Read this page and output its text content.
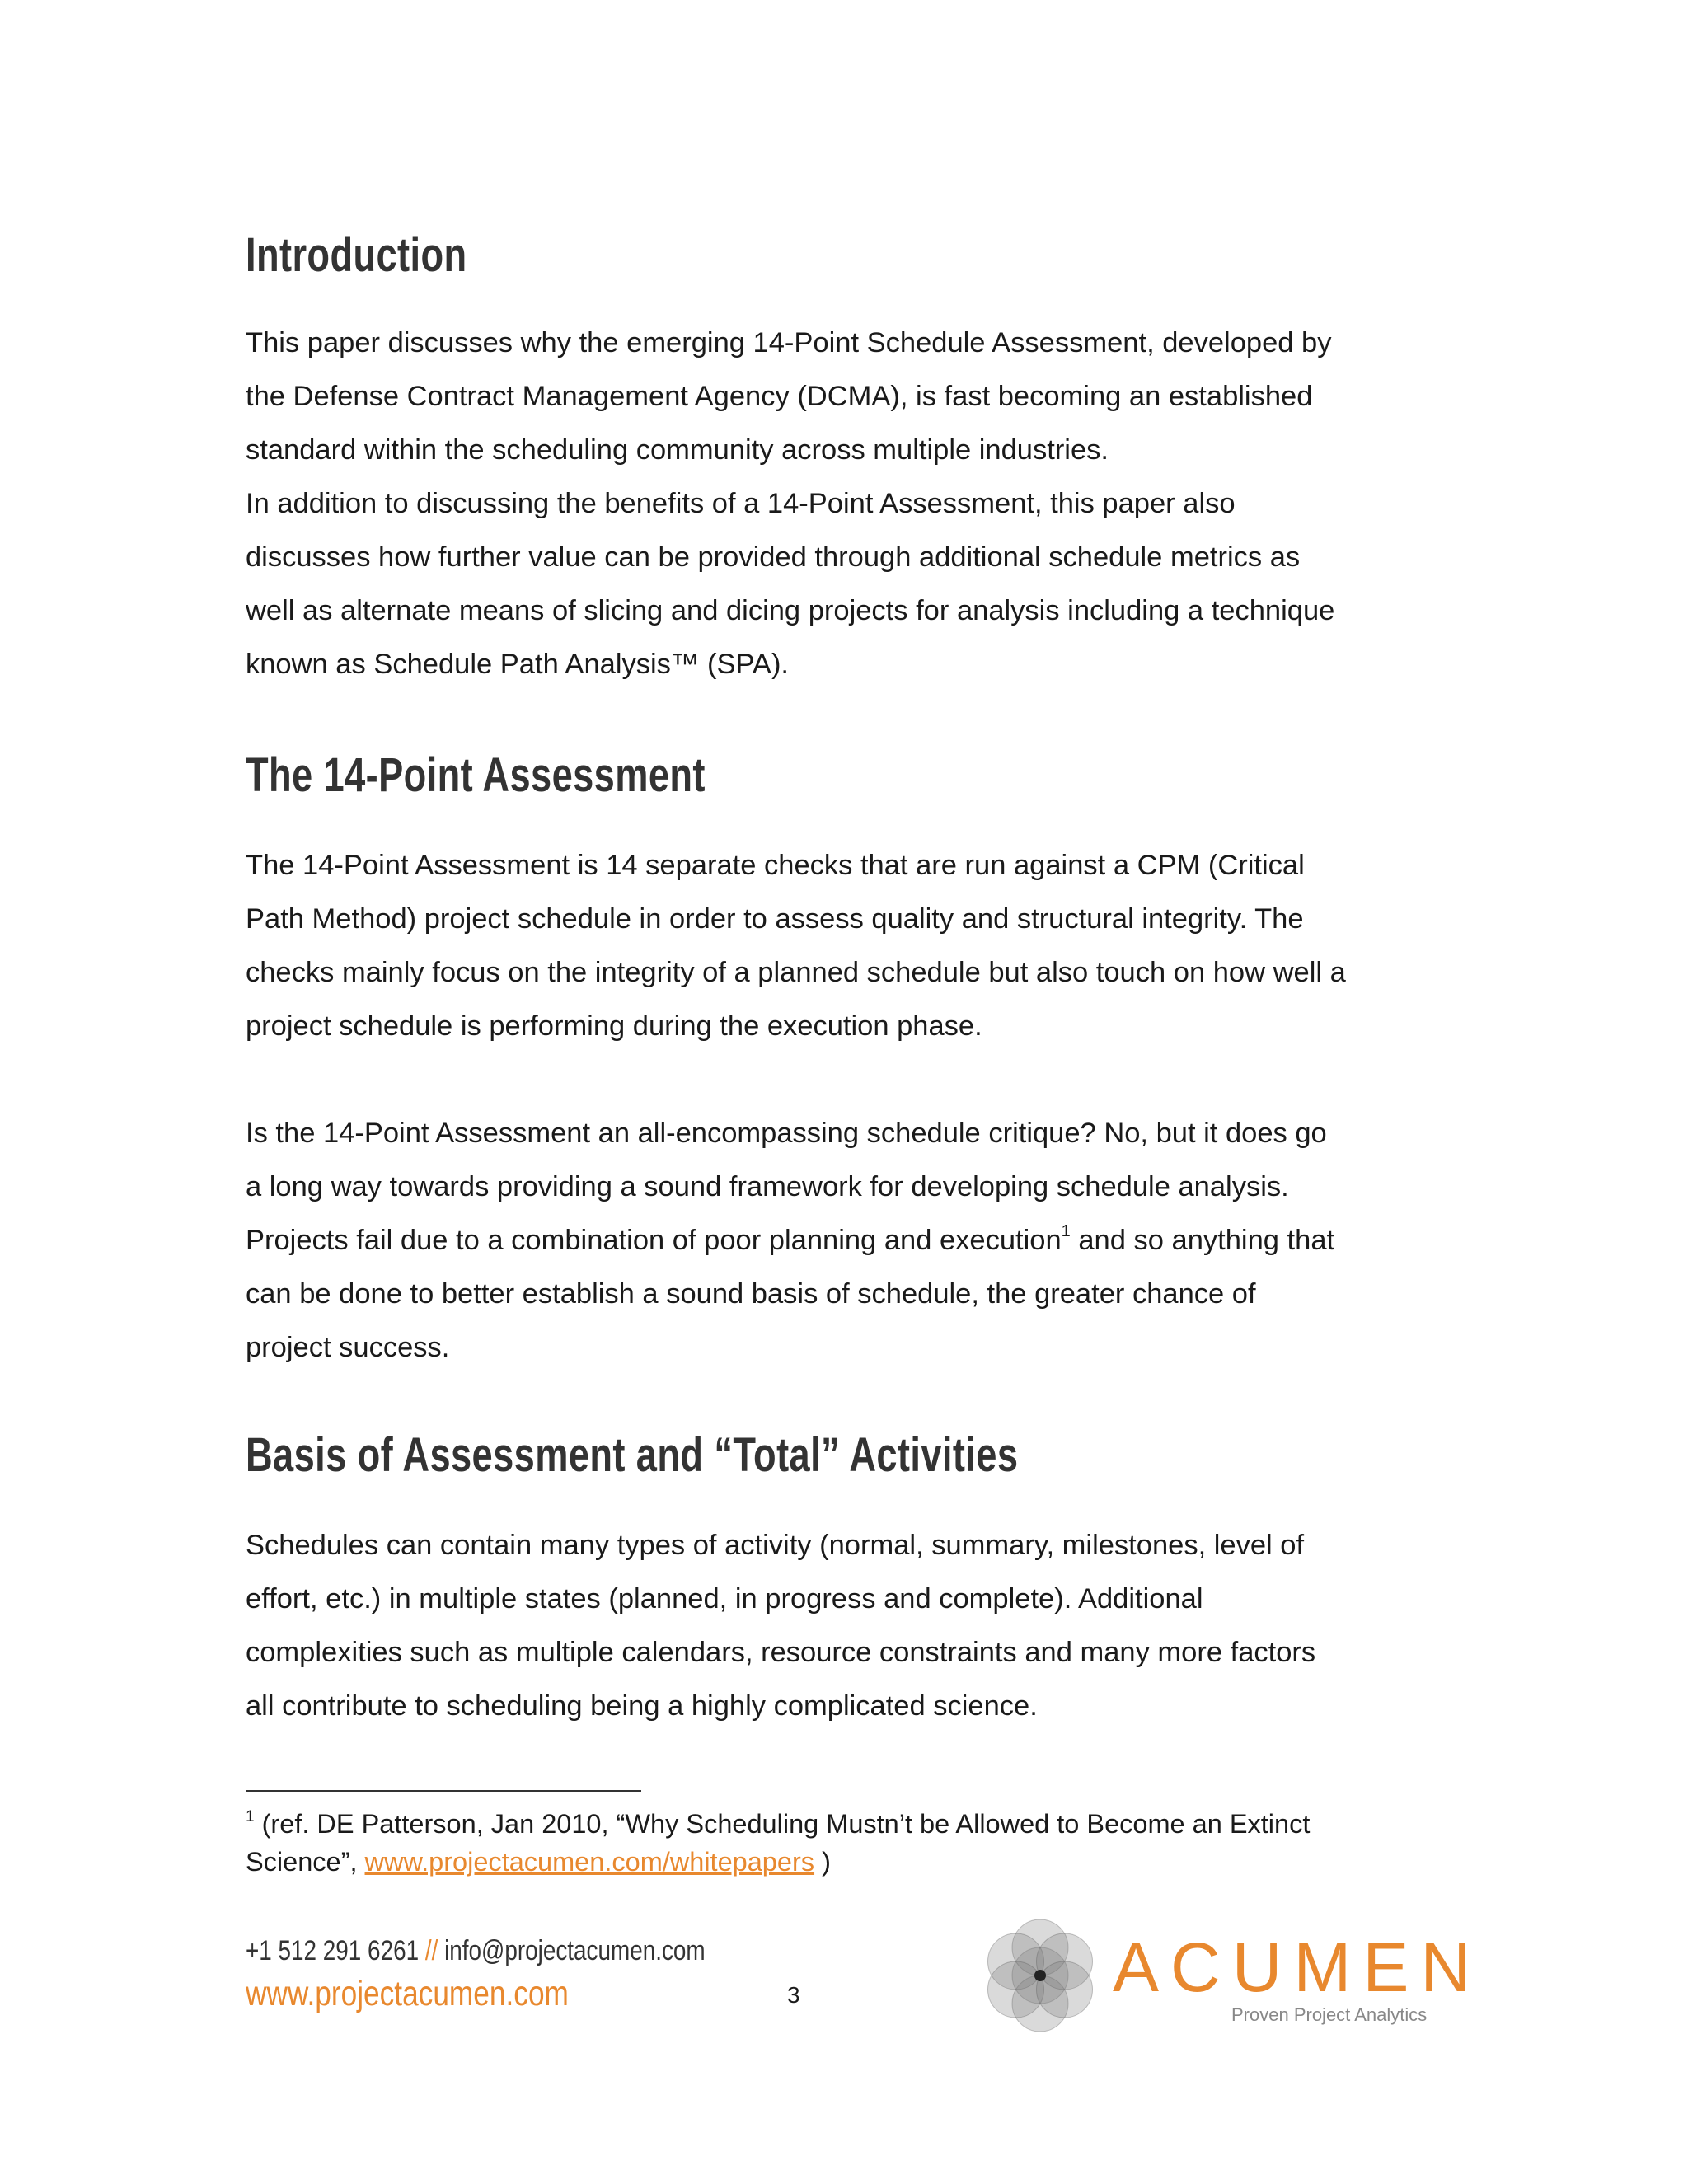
Introduction

This paper discusses why the emerging 14-Point Schedule Assessment, developed by
the Defense Contract Management Agency (DCMA), is fast becoming an established
standard within the scheduling community across multiple industries.
In addition to discussing the benefits of a 14-Point Assessment, this paper also
discusses how further value can be provided through additional schedule metrics as
well as alternate means of slicing and dicing projects for analysis including a technique
known as Schedule Path Analysis™ (SPA).

The 14-Point Assessment

The 14-Point Assessment is 14 separate checks that are run against a CPM (Critical
Path Method) project schedule in order to assess quality and structural integrity. The
checks mainly focus on the integrity of a planned schedule but also touch on how well a
project schedule is performing during the execution phase.

Is the 14-Point Assessment an all-encompassing schedule critique? No, but it does go
a long way towards providing a sound framework for developing schedule analysis.
Projects fail due to a combination of poor planning and execution$^1$ and so anything that
can be done to better establish a sound basis of schedule, the greater chance of
project success.

Basis of Assessment and “Total” Activities

Schedules can contain many types of activity (normal, summary, milestones, level of
effort, etc.) in multiple states (planned, in progress and complete). Additional
complexities such as multiple calendars, resource constraints and many more factors
all contribute to scheduling being a highly complicated science.

$^1$ (ref. DE Patterson, Jan 2010, “Why Scheduling Mustn’t be Allowed to Become an Extinct
Science”, www.projectacumen.com/whitepapers )
+1 512 291 6261 // info@projectacumen.com
www.projectacumen.com	3	ACUMEN
Proven Project Analytics
